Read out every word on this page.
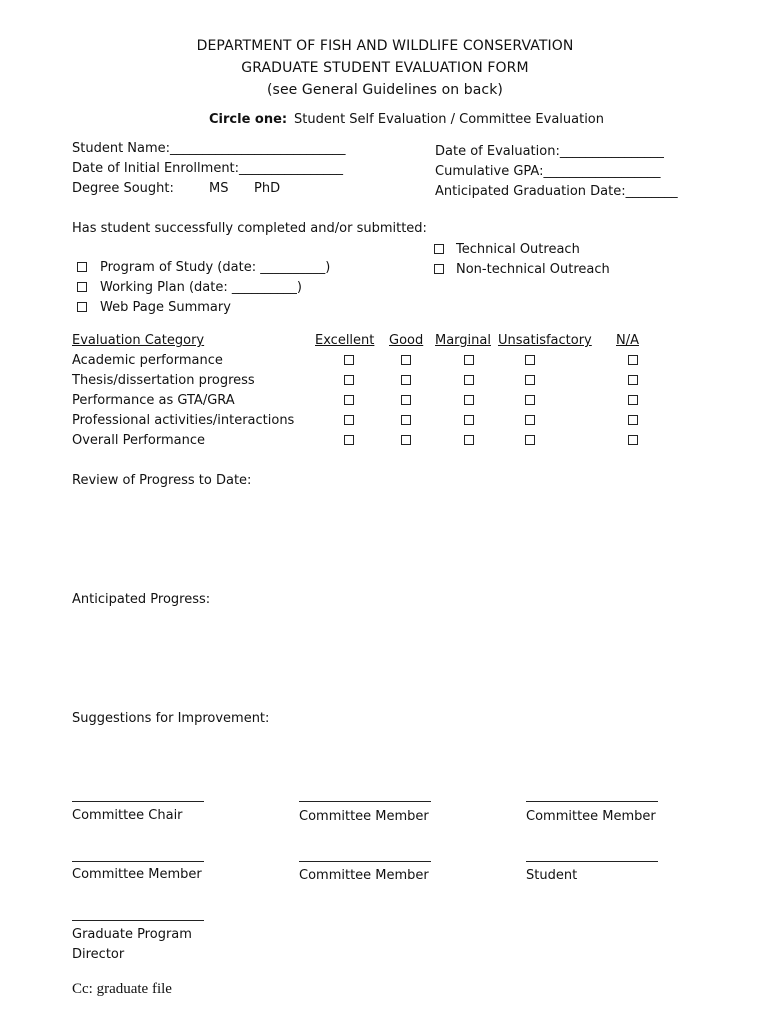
DEPARTMENT OF FISH AND WILDLIFE CONSERVATION
GRADUATE STUDENT EVALUATION FORM
(see General Guidelines on back)
Circle one: Student Self Evaluation / Committee Evaluation
Student Name:___________________________
Date of Initial Enrollment:________________
Degree Sought:	MS PhD
Date of Evaluation:________________
Cumulative GPA:__________________
Anticipated Graduation Date:________
Has student successfully completed and/or submitted:
Technical Outreach
Non-technical Outreach
Program of Study (date: __________)
Working Plan (date: __________)
Web Page Summary
Evaluation Category	Excellent Good Marginal Unsatisfactory N/A
Academic performance
Thesis/dissertation progress
Performance as GTA/GRA
Professional activities/interactions
Overall Performance
Review of Progress to Date:
Anticipated Progress:
Suggestions for Improvement:
Committee Chair	Committee Member	Committee Member
Committee Member	Committee Member	Student
Graduate Program
Director
Cc: graduate file
